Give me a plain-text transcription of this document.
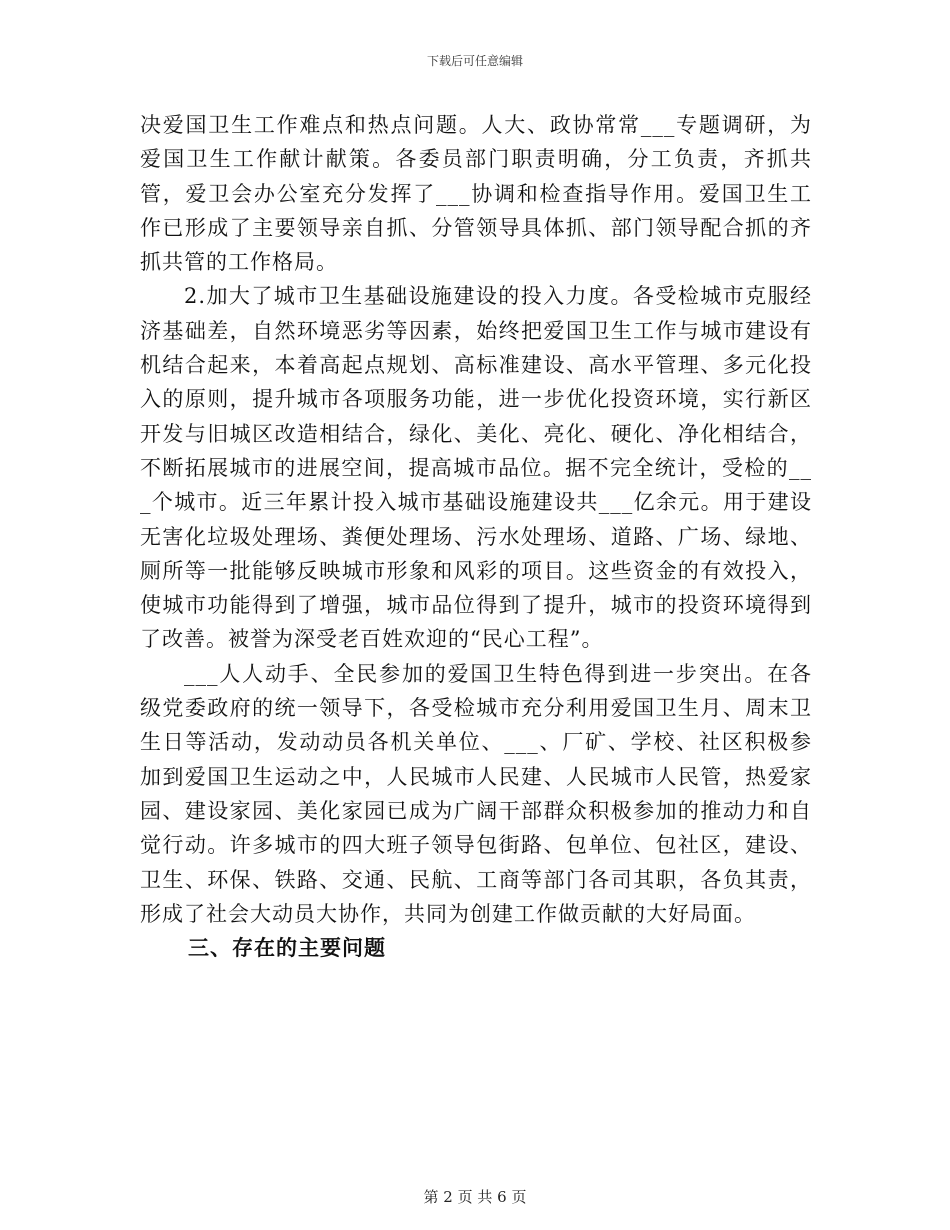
下载后可任意编辑

决爱国卫生工作难点和热点问题。人大、政协常常___专题调研，为爱国卫生工作献计献策。各委员部门职责明确，分工负责，齐抓共管，爱卫会办公室充分发挥了___协调和检查指导作用。爱国卫生工作已形成了主要领导亲自抓、分管领导具体抓、部门领导配合抓的齐抓共管的工作格局。

2.加大了城市卫生基础设施建设的投入力度。各受检城市克服经济基础差，自然环境恶劣等因素，始终把爱国卫生工作与城市建设有机结合起来，本着高起点规划、高标准建设、高水平管理、多元化投入的原则，提升城市各项服务功能，进一步优化投资环境，实行新区开发与旧城区改造相结合，绿化、美化、亮化、硬化、净化相结合，不断拓展城市的进展空间，提高城市品位。据不完全统计，受检的___个城市。近三年累计投入城市基础设施建设共___亿余元。用于建设无害化垃圾处理场、粪便处理场、污水处理场、道路、广场、绿地、厕所等一批能够反映城市形象和风彩的项目。这些资金的有效投入，使城市功能得到了增强，城市品位得到了提升，城市的投资环境得到了改善。被誉为深受老百姓欢迎的“民心工程”。

___人人动手、全民参加的爱国卫生特色得到进一步突出。在各级党委政府的统一领导下，各受检城市充分利用爱国卫生月、周末卫生日等活动，发动动员各机关单位、___、厂矿、学校、社区积极参加到爱国卫生运动之中，人民城市人民建、人民城市人民管，热爱家园、建设家园、美化家园已成为广阔干部群众积极参加的推动力和自觉行动。许多城市的四大班子领导包街路、包单位、包社区，建设、卫生、环保、铁路、交通、民航、工商等部门各司其职，各负其责，形成了社会大动员大协作，共同为创建工作做贡献的大好局面。

三、存在的主要问题

第 2 页 共 6 页
